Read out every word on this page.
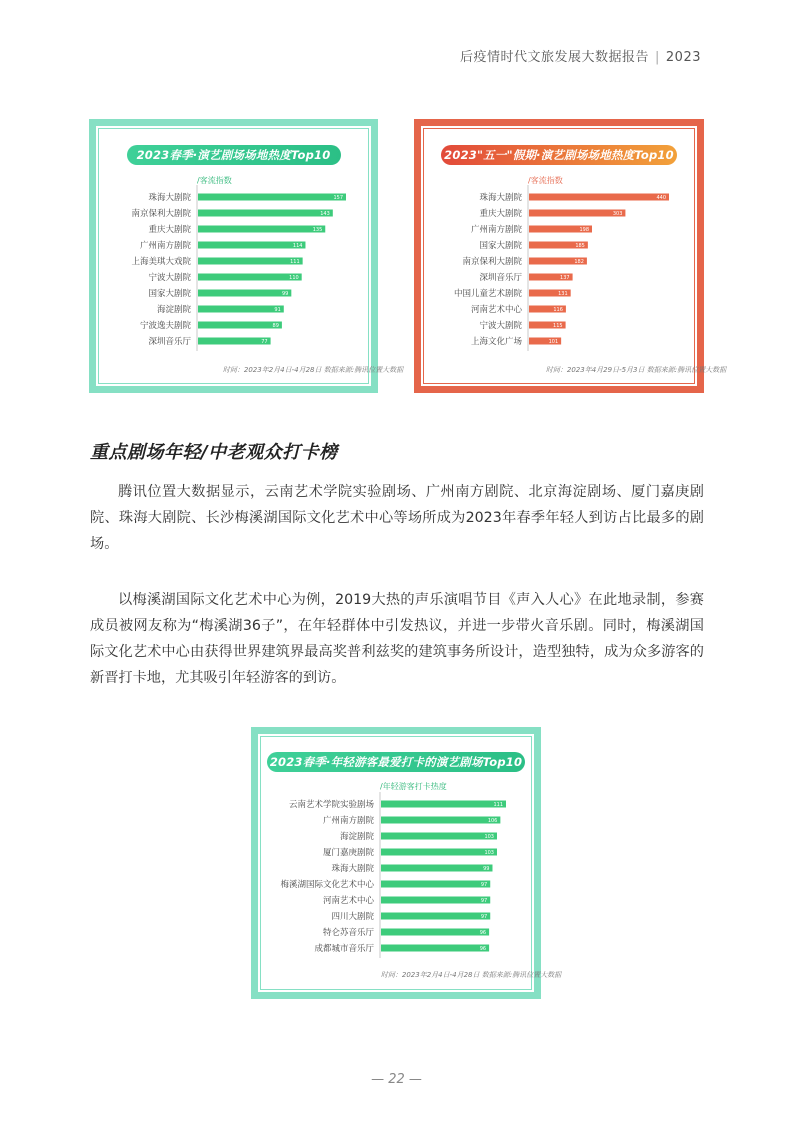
后疫情时代文旅发展大数据报告 | 2023
2023春季·演艺剧场场地热度Top10
/客流指数
珠海大剧院	157
南京保利大剧院	143
重庆大剧院	135
广州南方剧院	114
上海美琪大戏院	111
宁波大剧院	110
国家大剧院	99
海淀剧院	91
宁波逸夫剧院	89
深圳音乐厅	77
时间：2023年2月4日-4月28日 数据来源:腾讯位置大数据
2023"五一"假期·演艺剧场场地热度Top10
/客流指数
珠海大剧院	440
重庆大剧院	303
广州南方剧院	198
国家大剧院	185
南京保利大剧院	182
深圳音乐厅	137
中国儿童艺术剧院	131
河南艺术中心	116
宁波大剧院	115
上海文化广场	101
时间：2023年4月29日-5月3日 数据来源:腾讯位置大数据
重点剧场年轻/中老观众打卡榜
腾讯位置大数据显示，云南艺术学院实验剧场、广州南方剧院、北京海淀剧场、厦门嘉庚剧院、珠海大剧院、长沙梅溪湖国际文化艺术中心等场所成为2023年春季年轻人到访占比最多的剧场。
以梅溪湖国际文化艺术中心为例，2019大热的声乐演唱节目《声入人心》在此地录制，参赛成员被网友称为“梅溪湖36子”，在年轻群体中引发热议，并进一步带火音乐剧。同时，梅溪湖国际文化艺术中心由获得世界建筑界最高奖普利兹奖的建筑事务所设计，造型独特，成为众多游客的新晋打卡地，尤其吸引年轻游客的到访。
2023春季·年轻游客最爱打卡的演艺剧场Top10
/年轻游客打卡热度
云南艺术学院实验剧场	111
广州南方剧院	106
海淀剧院	103
厦门嘉庚剧院	103
珠海大剧院	99
梅溪湖国际文化艺术中心	97
河南艺术中心	97
四川大剧院	97
特仑苏音乐厅	96
成都城市音乐厅	96
时间：2023年2月4日-4月28日 数据来源:腾讯位置大数据
— 22 —
